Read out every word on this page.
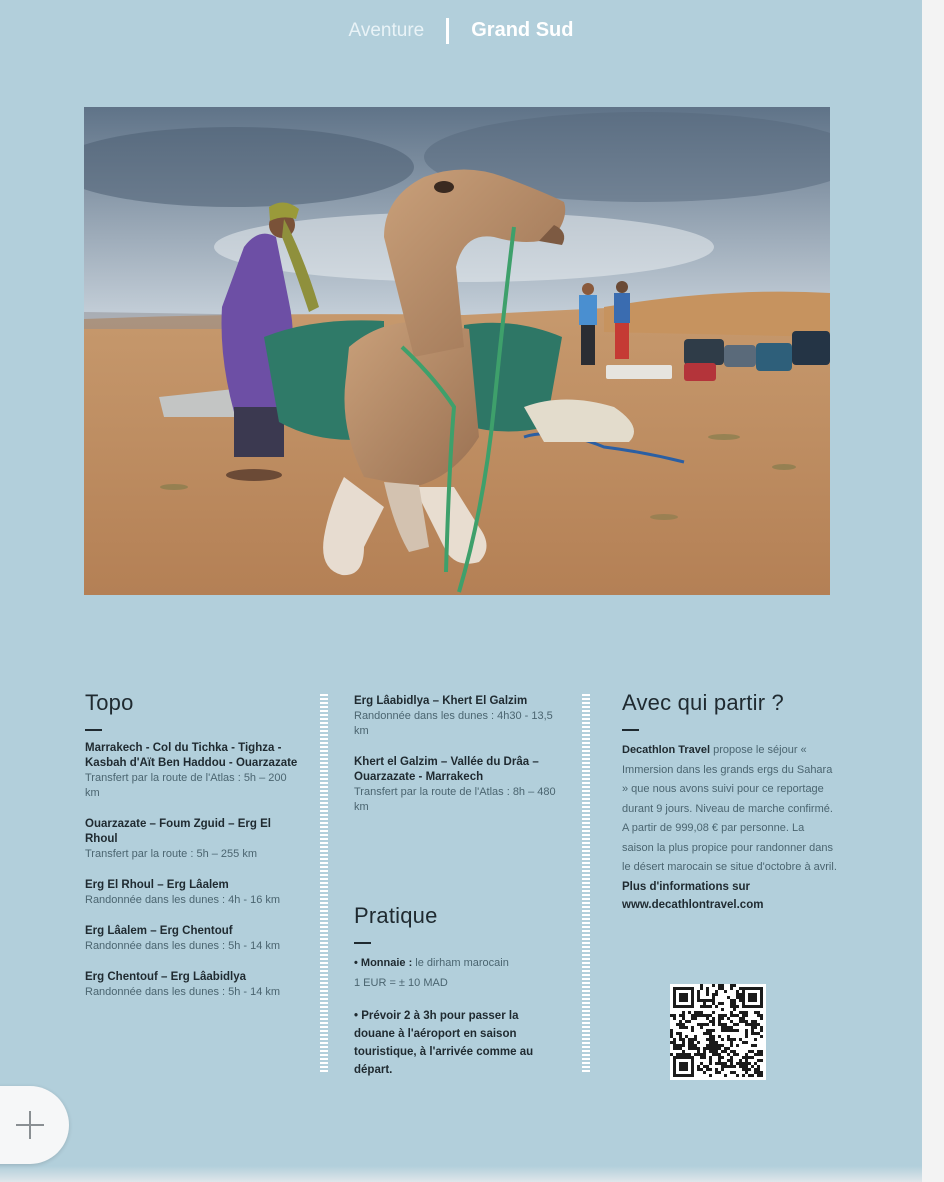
Aventure Grand Sud
Topo
Marrakech - Col du Tichka - Tighza - Kasbah d'Aït Ben Haddou - Ouarzazate
Transfert par la route de l'Atlas : 5h – 200 km
Ouarzazate – Foum Zguid – Erg El Rhoul
Transfert par la route : 5h – 255 km
Erg El Rhoul – Erg Lâalem
Randonnée dans les dunes : 4h - 16 km
Erg Lâalem – Erg Chentouf
Randonnée dans les dunes : 5h - 14 km
Erg Chentouf – Erg Lâabidlya
Randonnée dans les dunes : 5h - 14 km
Erg Lâabidlya – Khert El Galzim
Randonnée dans les dunes : 4h30 - 13,5 km
Khert el Galzim – Vallée du Drâa – Ouarzazate - Marrakech
Transfert par la route de l'Atlas : 8h – 480 km
Pratique
• Monnaie : le dirham marocain
1 EUR = ± 10 MAD
• Prévoir 2 à 3h pour passer la douane à l'aéroport en saison touristique, à l'arrivée comme au départ.
Avec qui partir ?

Decathlon Travel propose le séjour « Immersion dans les grands ergs du Sahara » que nous avons suivi pour ce reportage durant 9 jours. Niveau de marche confirmé. A partir de 999,08 € par personne. La saison la plus propice pour randonner dans le désert marocain se situe d'octobre à avril.

Plus d'informations sur
www.decathlontravel.com
